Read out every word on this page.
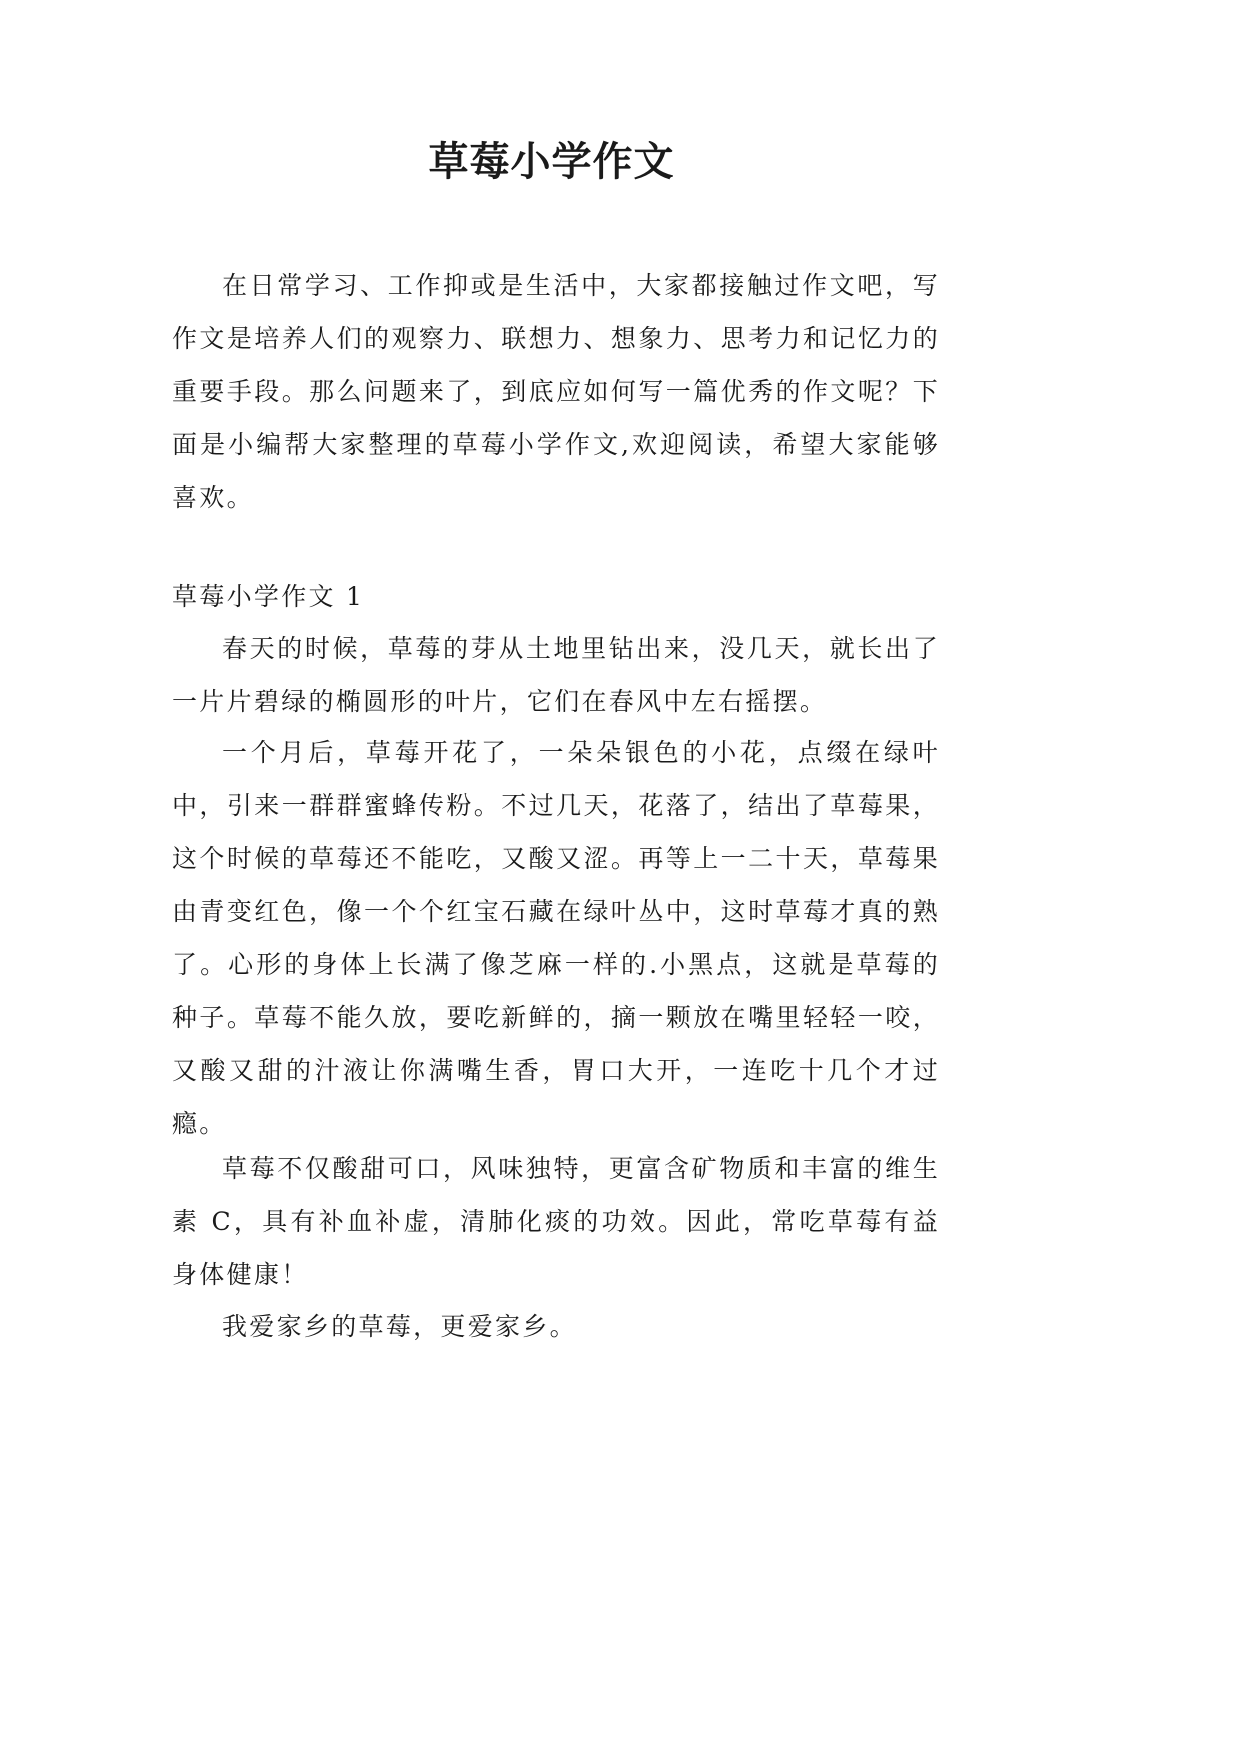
草莓小学作文

在日常学习、工作抑或是生活中，大家都接触过作文吧，写作文是培养人们的观察力、联想力、想象力、思考力和记忆力的重要手段。那么问题来了，到底应如何写一篇优秀的作文呢？下面是小编帮大家整理的草莓小学作文,欢迎阅读，希望大家能够喜欢。

草莓小学作文 1

春天的时候，草莓的芽从土地里钻出来，没几天，就长出了一片片碧绿的椭圆形的叶片，它们在春风中左右摇摆。

一个月后，草莓开花了，一朵朵银色的小花，点缀在绿叶中，引来一群群蜜蜂传粉。不过几天，花落了，结出了草莓果，这个时候的草莓还不能吃，又酸又涩。再等上一二十天，草莓果由青变红色，像一个个红宝石藏在绿叶丛中，这时草莓才真的熟了。心形的身体上长满了像芝麻一样的.小黑点，这就是草莓的种子。草莓不能久放，要吃新鲜的，摘一颗放在嘴里轻轻一咬，又酸又甜的汁液让你满嘴生香，胃口大开，一连吃十几个才过瘾。

草莓不仅酸甜可口，风味独特，更富含矿物质和丰富的维生素 C，具有补血补虚，清肺化痰的功效。因此，常吃草莓有益身体健康！

我爱家乡的草莓，更爱家乡。
